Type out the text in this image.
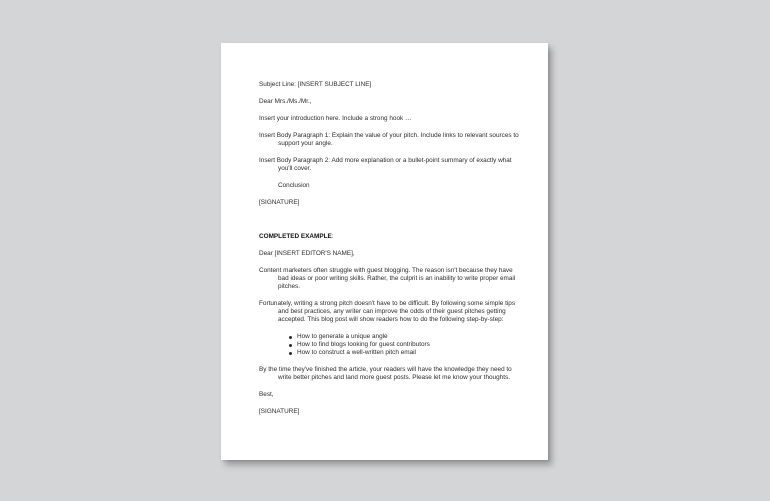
Subject Line: [INSERT SUBJECT LINE]

Dear Mrs./Ms./Mr.,

Insert your introduction here. Include a strong hook …

Insert Body Paragraph 1: Explain the value of your pitch. Include links to relevant sources to support your angle.

Insert Body Paragraph 2: Add more explanation or a bullet-point summary of exactly what you'll cover.

Conclusion

[SIGNATURE]

COMPLETED EXAMPLE:

Dear [INSERT EDITOR'S NAME],

Content marketers often struggle with guest blogging. The reason isn't because they have bad ideas or poor writing skills. Rather, the culprit is an inability to write proper email pitches.

Fortunately, writing a strong pitch doesn't have to be difficult. By following some simple tips and best practices, any writer can improve the odds of their guest pitches getting accepted. This blog post will show readers how to do the following step-by-step:

How to generate a unique angle
How to find blogs looking for guest contributors
How to construct a well-written pitch email

By the time they've finished the article, your readers will have the knowledge they need to write better pitches and land more guest posts. Please let me know your thoughts.

Best,

[SIGNATURE]
